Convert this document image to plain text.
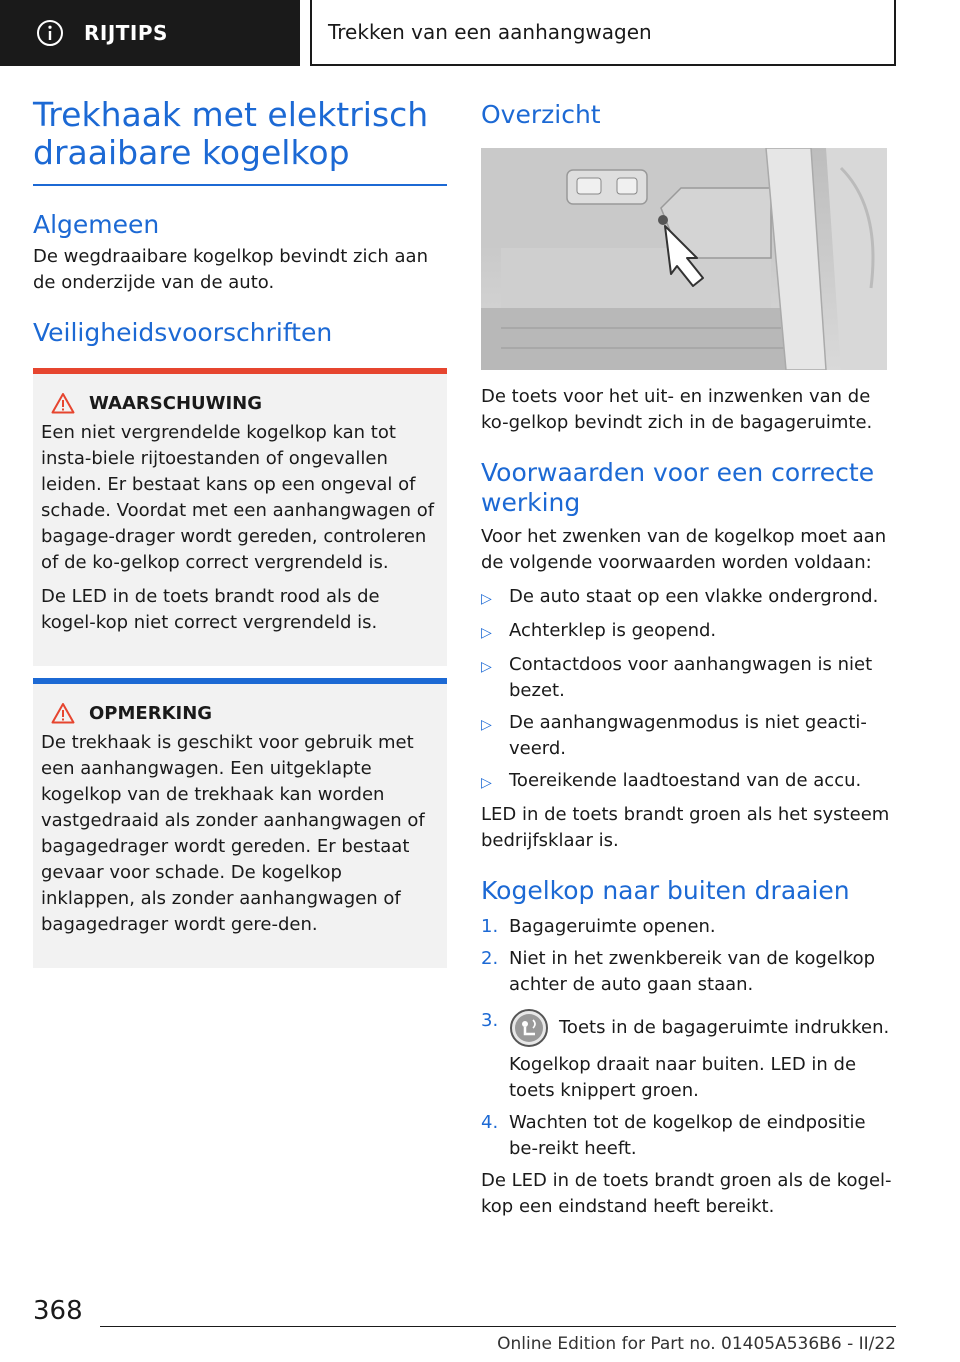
RIJTIPS	Trekken van een aanhangwagen
Trekhaak met elektrisch draaibare kogelkop
Algemeen

De wegdraaibare kogelkop bevindt zich aan de onderzijde van de auto.

Veiligheidsvoorschriften
WAARSCHUWING

Een niet vergrendelde kogelkop kan tot insta-biele rijtoestanden of ongevallen leiden. Er bestaat kans op een ongeval of schade. Voordat met een aanhangwagen of bagage-drager wordt gereden, controleren of de ko-gelkop correct vergrendeld is.

De LED in de toets brandt rood als de kogel-kop niet correct vergrendeld is.

OPMERKING

De trekhaak is geschikt voor gebruik met een aanhangwagen. Een uitgeklapte kogelkop van de trekhaak kan worden vastgedraaid als zonder aanhangwagen of bagagedrager wordt gereden. Er bestaat gevaar voor schade. De kogelkop inklappen, als zonder aanhangwagen of bagagedrager wordt gere-den.

Overzicht

De toets voor het uit- en inzwenken van de ko-gelkop bevindt zich in de bagageruimte.

Voorwaarden voor een correcte werking

Voor het zwenken van de kogelkop moet aan de volgende voorwaarden worden voldaan:

▷ De auto staat op een vlakke ondergrond.
▷ Achterklep is geopend.
▷ Contactdoos voor aanhangwagen is niet bezet.
▷ De aanhangwagenmodus is niet geacti-veerd.
▷ Toereikende laadtoestand van de accu.

LED in de toets brandt groen als het systeem bedrijfsklaar is.

Kogelkop naar buiten draaien
1. Bagageruimte openen.
2. Niet in het zwenkbereik van de kogelkop achter de auto gaan staan.
3.	Toets in de bagageruimte indrukken.
Kogelkop draait naar buiten. LED in de toets knippert groen.
4. Wachten tot de kogelkop de eindpositie be-reikt heeft.

De LED in de toets brandt groen als de kogel-kop een eindstand heeft bereikt.

368
Online Edition for Part no. 01405A536B6 - II/22
